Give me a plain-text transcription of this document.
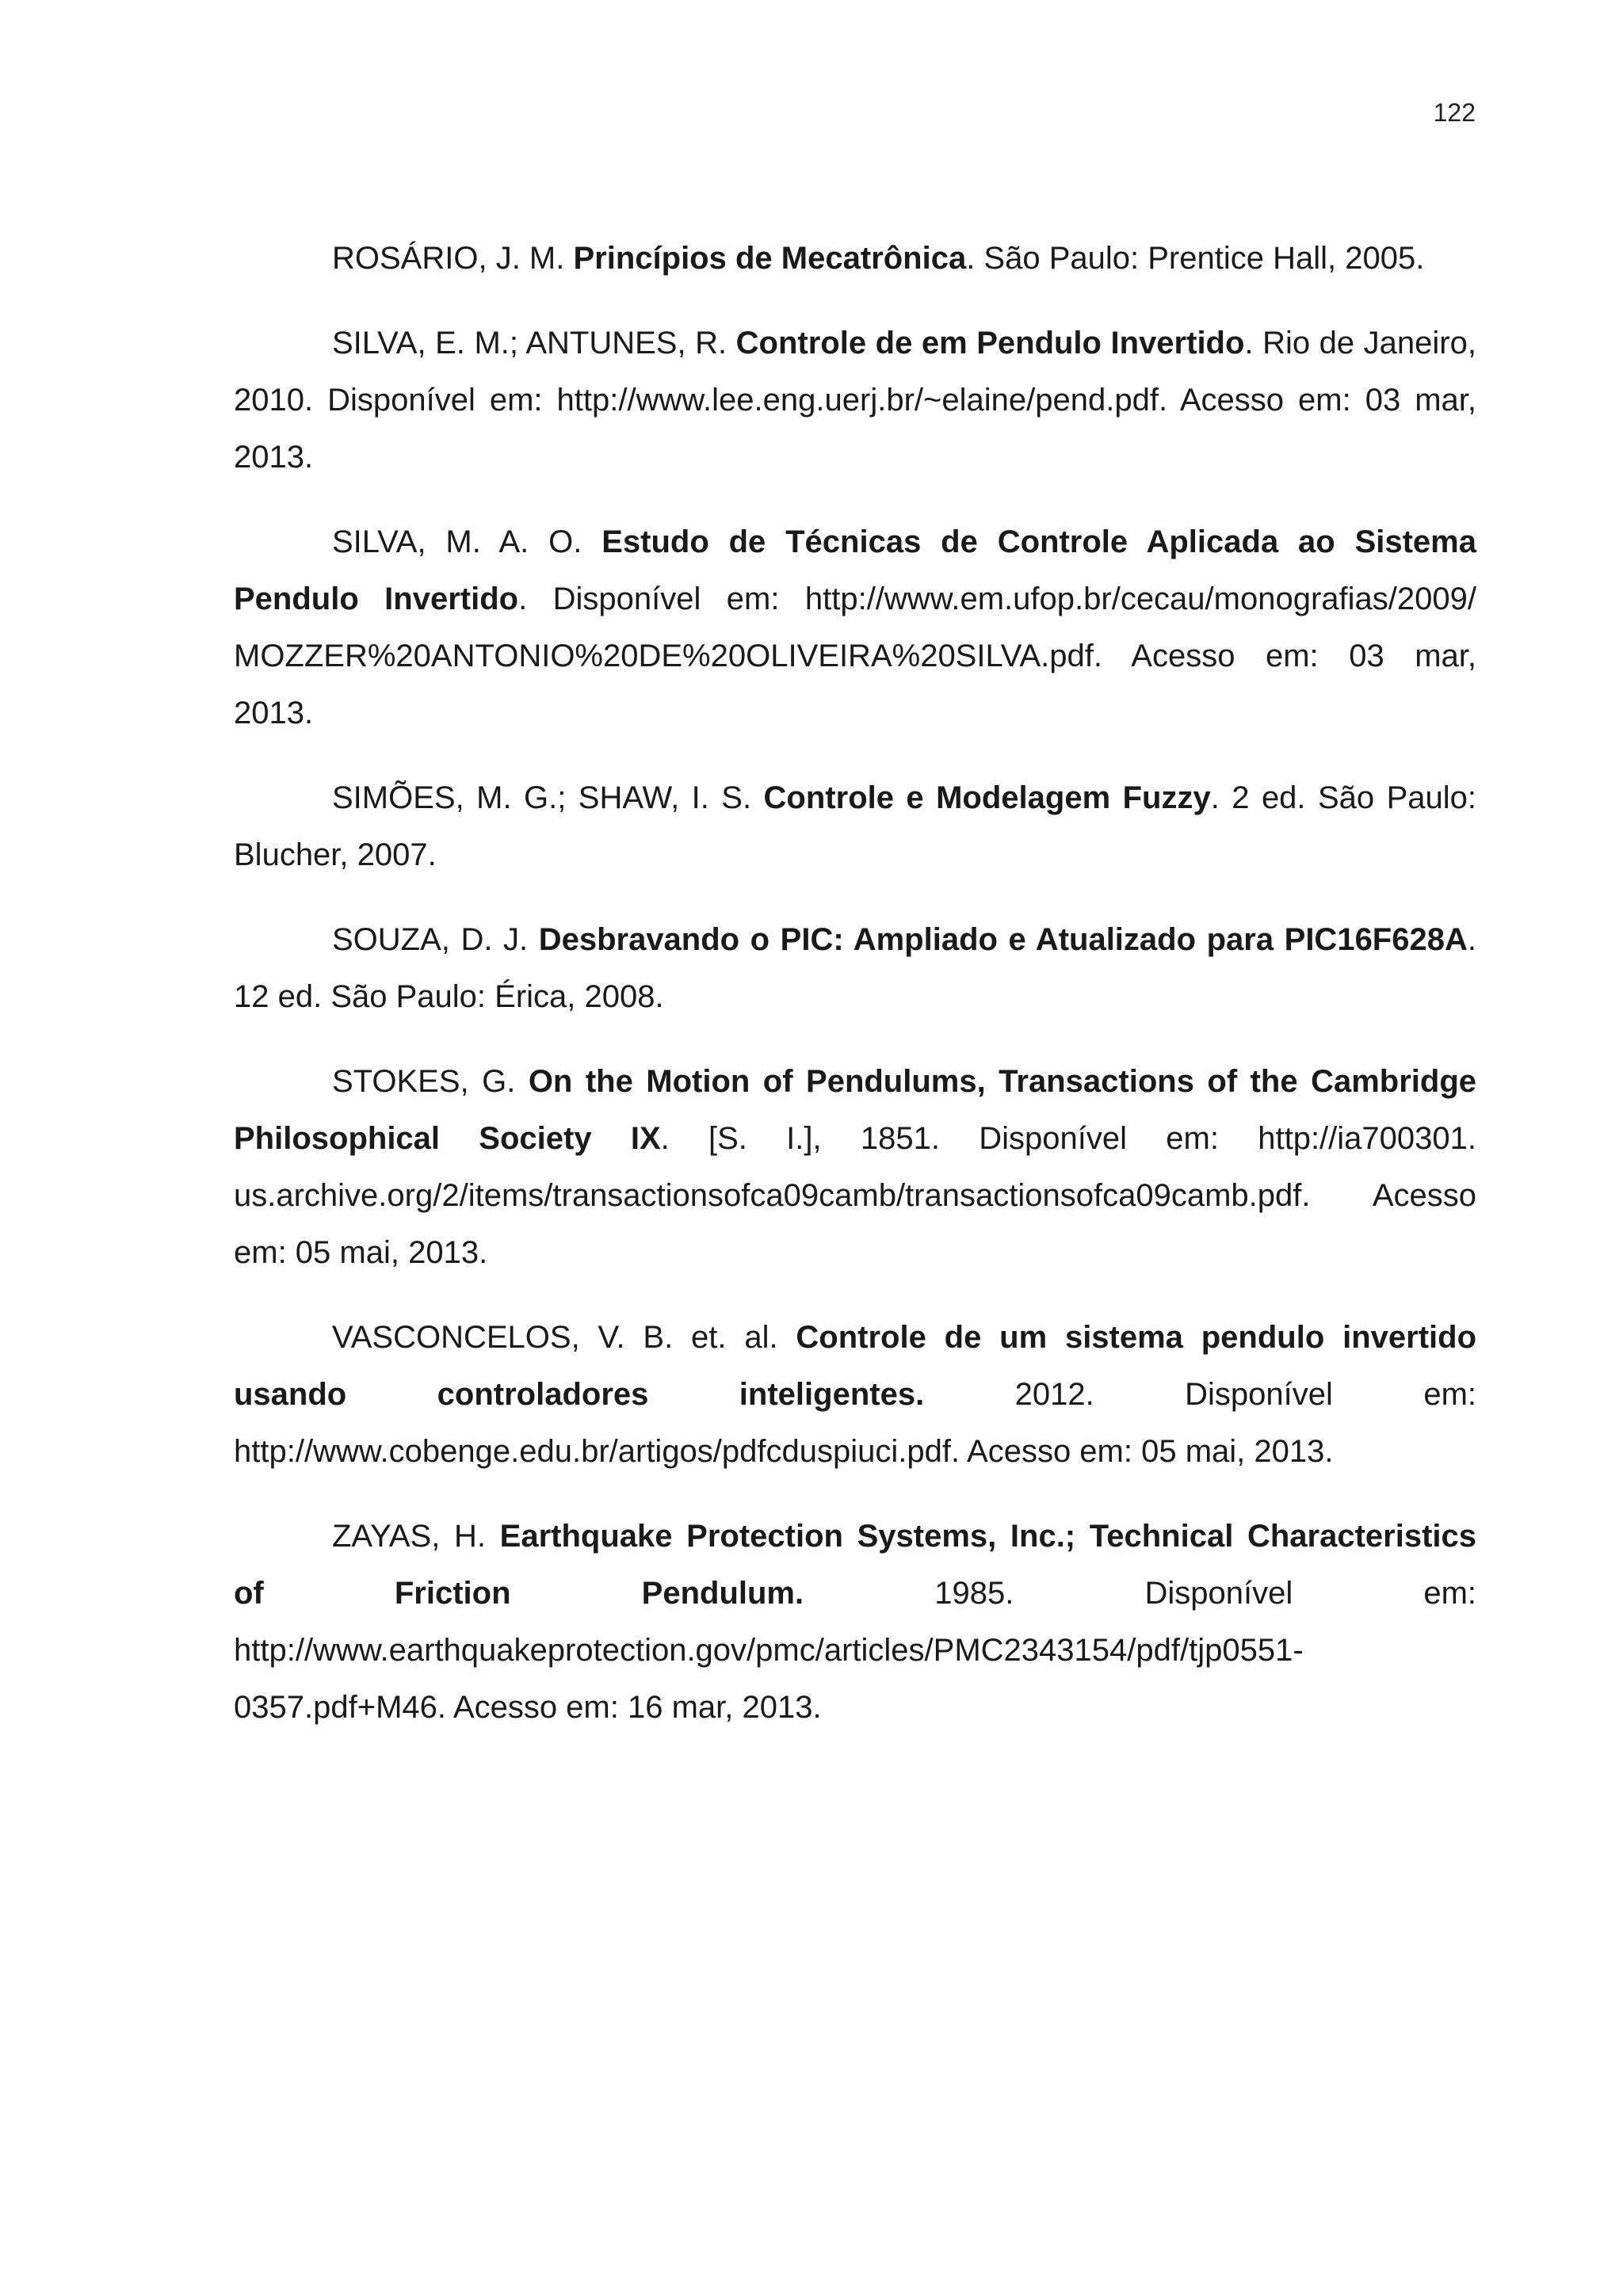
122

ROSÁRIO, J. M. Princípios de Mecatrônica. São Paulo: Prentice Hall, 2005.

SILVA, E. M.; ANTUNES, R. Controle de em Pendulo Invertido. Rio de Janeiro, 2010. Disponível em: http://www.lee.eng.uerj.br/~elaine/pend.pdf. Acesso em: 03 mar, 2013.

SILVA, M. A. O. Estudo de Técnicas de Controle Aplicada ao Sistema Pendulo Invertido. Disponível em: http://www.em.ufop.br/cecau/monografias/2009/ MOZZER%20ANTONIO%20DE%20OLIVEIRA%20SILVA.pdf. Acesso em: 03 mar, 2013.

SIMÕES, M. G.; SHAW, I. S. Controle e Modelagem Fuzzy. 2 ed. São Paulo: Blucher, 2007.

SOUZA, D. J. Desbravando o PIC: Ampliado e Atualizado para PIC16F628A. 12 ed. São Paulo: Érica, 2008.

STOKES, G. On the Motion of Pendulums, Transactions of the Cambridge Philosophical Society IX. [S. I.], 1851. Disponível em: http://ia700301. us.archive.org/2/items/transactionsofca09camb/transactionsofca09camb.pdf. Acesso em: 05 mai, 2013.

VASCONCELOS, V. B. et. al. Controle de um sistema pendulo invertido usando controladores inteligentes. 2012. Disponível em: http://www.cobenge.edu.br/artigos/pdfcduspiuci.pdf. Acesso em: 05 mai, 2013.

ZAYAS, H. Earthquake Protection Systems, Inc.; Technical Characteristics of Friction Pendulum. 1985. Disponível em: http://www.earthquakeprotection.gov/pmc/articles/PMC2343154/pdf/tjp0551-0357.pdf+M46. Acesso em: 16 mar, 2013.
